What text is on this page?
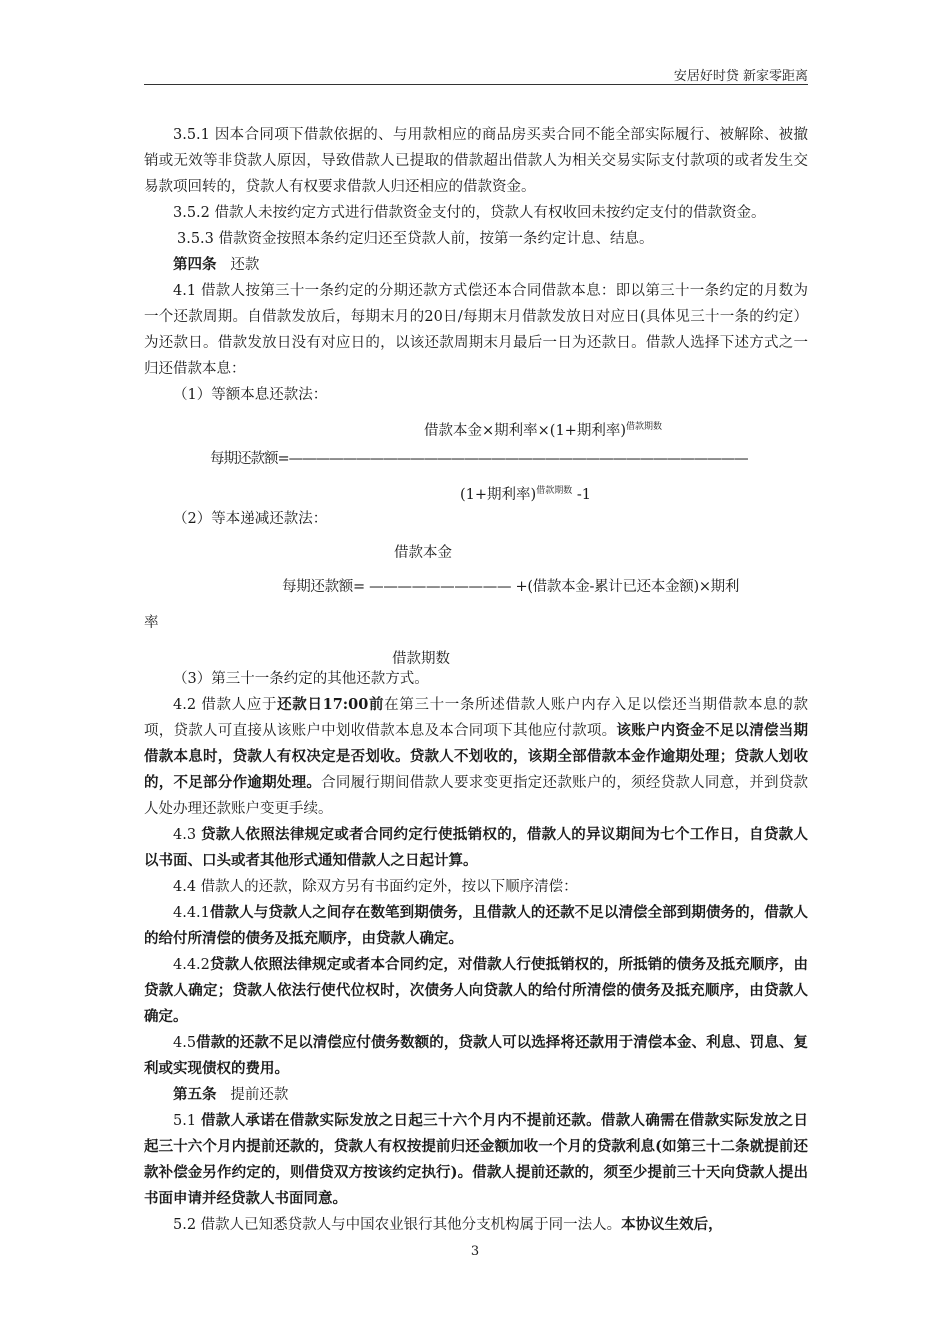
安居好时贷 新家零距离

3.5.1 因本合同项下借款依据的、与用款相应的商品房买卖合同不能全部实际履行、被解除、被撤销或无效等非贷款人原因，导致借款人已提取的借款超出借款人为相关交易实际支付款项的或者发生交易款项回转的，贷款人有权要求借款人归还相应的借款资金。

3.5.2 借款人未按约定方式进行借款资金支付的，贷款人有权收回未按约定支付的借款资金。

3.5.3 借款资金按照本条约定归还至贷款人前，按第一条约定计息、结息。

第四条 还款

4.1 借款人按第三十一条约定的分期还款方式偿还本合同借款本息：即以第三十一条约定的月数为一个还款周期。自借款发放后，每期末月的20日/每期末月借款发放日对应日(具体见三十一条的约定）为还款日。借款发放日没有对应日的，以该还款周期末月最后一日为还款日。借款人选择下述方式之一归还借款本息：

（1）等额本息还款法：

借款本金×期利率×(1+期利率)$^{借款期数}$
每期还款额=——————————————————————————————————
(1+期利率)$^{借款期数}$ -1

（2）等本递减还款法：

借款本金
每期还款额= —————————— +(借款本金-累计已还本金额)×期利
率
借款期数

（3）第三十一条约定的其他还款方式。

4.2 借款人应于还款日17:00前在第三十一条所述借款人账户内存入足以偿还当期借款本息的款项，贷款人可直接从该账户中划收借款本息及本合同项下其他应付款项。该账户内资金不足以清偿当期借款本息时，贷款人有权决定是否划收。贷款人不划收的，该期全部借款本金作逾期处理；贷款人划收的，不足部分作逾期处理。合同履行期间借款人要求变更指定还款账户的，须经贷款人同意，并到贷款人处办理还款账户变更手续。

4.3 贷款人依照法律规定或者合同约定行使抵销权的，借款人的异议期间为七个工作日，自贷款人以书面、口头或者其他形式通知借款人之日起计算。

4.4 借款人的还款，除双方另有书面约定外，按以下顺序清偿：

4.4.1借款人与贷款人之间存在数笔到期债务，且借款人的还款不足以清偿全部到期债务的，借款人的给付所清偿的债务及抵充顺序，由贷款人确定。

4.4.2贷款人依照法律规定或者本合同约定，对借款人行使抵销权的，所抵销的债务及抵充顺序，由贷款人确定；贷款人依法行使代位权时，次债务人向贷款人的给付所清偿的债务及抵充顺序，由贷款人确定。

4.5借款的还款不足以清偿应付债务数额的，贷款人可以选择将还款用于清偿本金、利息、罚息、复利或实现债权的费用。

第五条 提前还款

5.1 借款人承诺在借款实际发放之日起三十六个月内不提前还款。借款人确需在借款实际发放之日起三十六个月内提前还款的，贷款人有权按提前归还金额加收一个月的贷款利息(如第三十二条就提前还款补偿金另作约定的，则借贷双方按该约定执行)。借款人提前还款的，须至少提前三十天向贷款人提出书面申请并经贷款人书面同意。

5.2 借款人已知悉贷款人与中国农业银行其他分支机构属于同一法人。本协议生效后，

3
